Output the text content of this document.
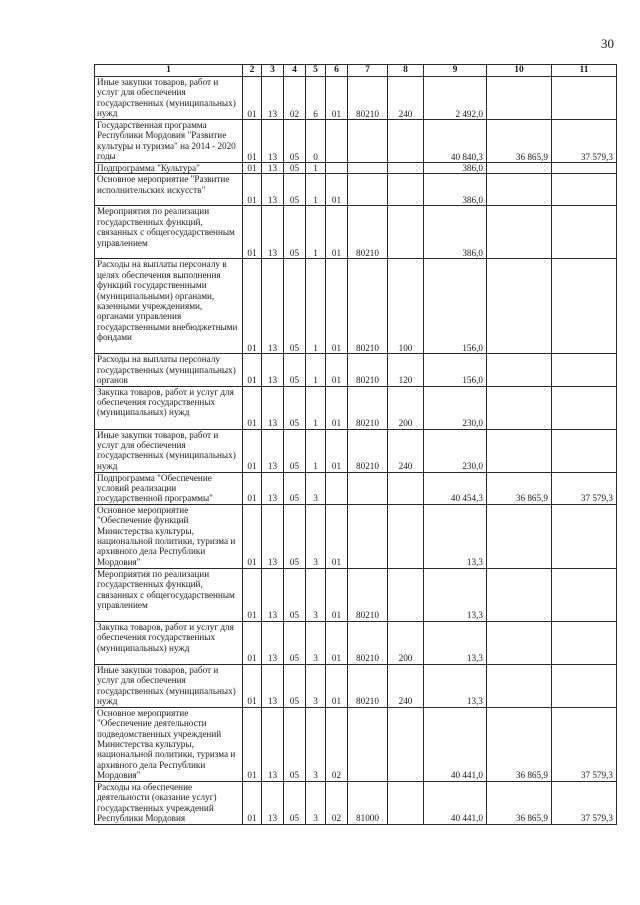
30
1	2	3	4	5	6	7	8	9	10	11
Иные закупки товаров, работ и услуг для обеспечения государственных (муниципальных) нужд	01	13	02	6	01	80210	240	2 492,0		
Государственная программа Республики Мордовия "Развитие культуры и туризма" на 2014 - 2020 годы	01	13	05	0				40 840,3	36 865,9	37 579,3
Подпрограмма "Культура"	01	13	05	1				386,0		
Основное мероприятие "Развитие исполнительских искусств"	01	13	05	1	01			386,0		
Мероприятия по реализации государственных функций, связанных с общегосударственным управлением	01	13	05	1	01	80210		386,0		
Расходы на выплаты персоналу в целях обеспечения выполнения функций государственными (муниципальными) органами, казенными учреждениями, органами управления государственными внебюджетными фондами	01	13	05	1	01	80210	100	156,0		
Расходы на выплаты персоналу государственных (муниципальных) органов	01	13	05	1	01	80210	120	156,0		
Закупка товаров, работ и услуг для обеспечения государственных (муниципальных) нужд	01	13	05	1	01	80210	200	230,0		
Иные закупки товаров, работ и услуг для обеспечения государственных (муниципальных) нужд	01	13	05	1	01	80210	240	230,0		
Подпрограмма "Обеспечение условий реализации государственной программы"	01	13	05	3				40 454,3	36 865,9	37 579,3
Основное мероприятие "Обеспечение функций Министерства культуры, национальной политики, туризма и архивного дела Республики Мордовия"	01	13	05	3	01			13,3		
Мероприятия по реализации государственных функций, связанных с общегосударственным управлением	01	13	05	3	01	80210		13,3		
Закупка товаров, работ и услуг для обеспечения государственных (муниципальных) нужд	01	13	05	3	01	80210	200	13,3		
Иные закупки товаров, работ и услуг для обеспечения государственных (муниципальных) нужд	01	13	05	3	01	80210	240	13,3		
Основное мероприятие "Обеспечение деятельности подведомственных учреждений Министерства культуры, национальной политики, туризма и архивного дела Республики Мордовия"	01	13	05	3	02			40 441,0	36 865,9	37 579,3
Расходы на обеспечение деятельности (оказание услуг) государственных учреждений Республики Мордовия	01	13	05	3	02	81000		40 441,0	36 865,9	37 579,3
